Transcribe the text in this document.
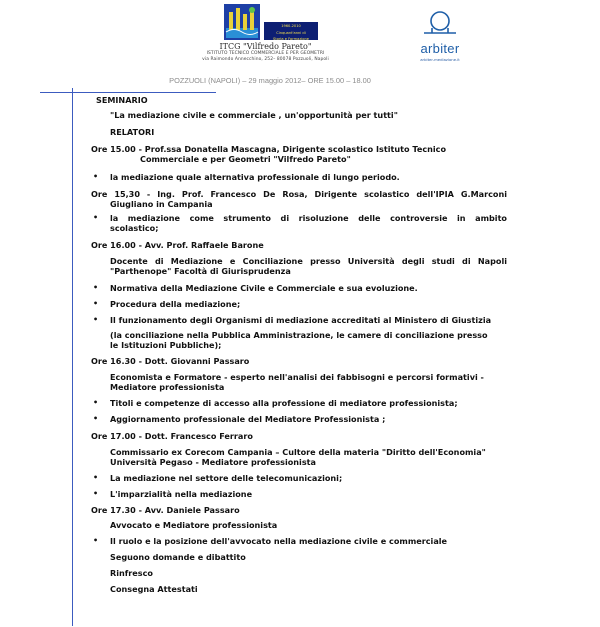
1960-2010
Cinquant'anni di
Storia e Formazione
ITCG "Vilfredo Pareto"
ISTITUTO TECNICO COMMERCIALE E PER GEOMETRI
via Raimondo Annecchino, 252– 80078 Pozzuoli, Napoli
arbiter
arbiter-mediazione.it
POZZUOLI (NAPOLI) – 29 maggio 2012– ORE 15.00 – 18.00
SEMINARIO
"La mediazione civile e commerciale , un'opportunità per tutti"
RELATORI
Ore 15.00 - Prof.ssa Donatella Mascagna, Dirigente scolastico Istituto Tecnico
Commerciale e per Geometri "Vilfredo Pareto"
• la mediazione quale alternativa professionale di lungo periodo.
Ore 15,30 - Ing. Prof. Francesco De Rosa, Dirigente scolastico dell'IPIA G.Marconi
Giugliano in Campania
• la mediazione come strumento di risoluzione delle controversie in ambito
scolastico;
Ore 16.00 - Avv. Prof. Raffaele Barone
Docente di Mediazione e Conciliazione presso Università degli studi di Napoli
"Parthenope" Facoltà di Giurisprudenza
• Normativa della Mediazione Civile e Commerciale e sua evoluzione.
• Procedura della mediazione;
• Il funzionamento degli Organismi di mediazione accreditati al Ministero di Giustizia
(la conciliazione nella Pubblica Amministrazione, le camere di conciliazione presso
le Istituzioni Pubbliche);
Ore 16.30 - Dott. Giovanni Passaro
Economista e Formatore - esperto nell'analisi dei fabbisogni e percorsi formativi -
Mediatore professionista
• Titoli e competenze di accesso alla professione di mediatore professionista;
• Aggiornamento professionale del Mediatore Professionista ;
Ore 17.00 - Dott. Francesco Ferraro
Commissario ex Corecom Campania – Cultore della materia "Diritto dell'Economia"
Università Pegaso - Mediatore professionista
• La mediazione nel settore delle telecomunicazioni;
• L'imparzialità nella mediazione
Ore 17.30 - Avv. Daniele Passaro
Avvocato e Mediatore professionista
• Il ruolo e la posizione dell'avvocato nella mediazione civile e commerciale
Seguono domande e dibattito
Rinfresco
Consegna Attestati
